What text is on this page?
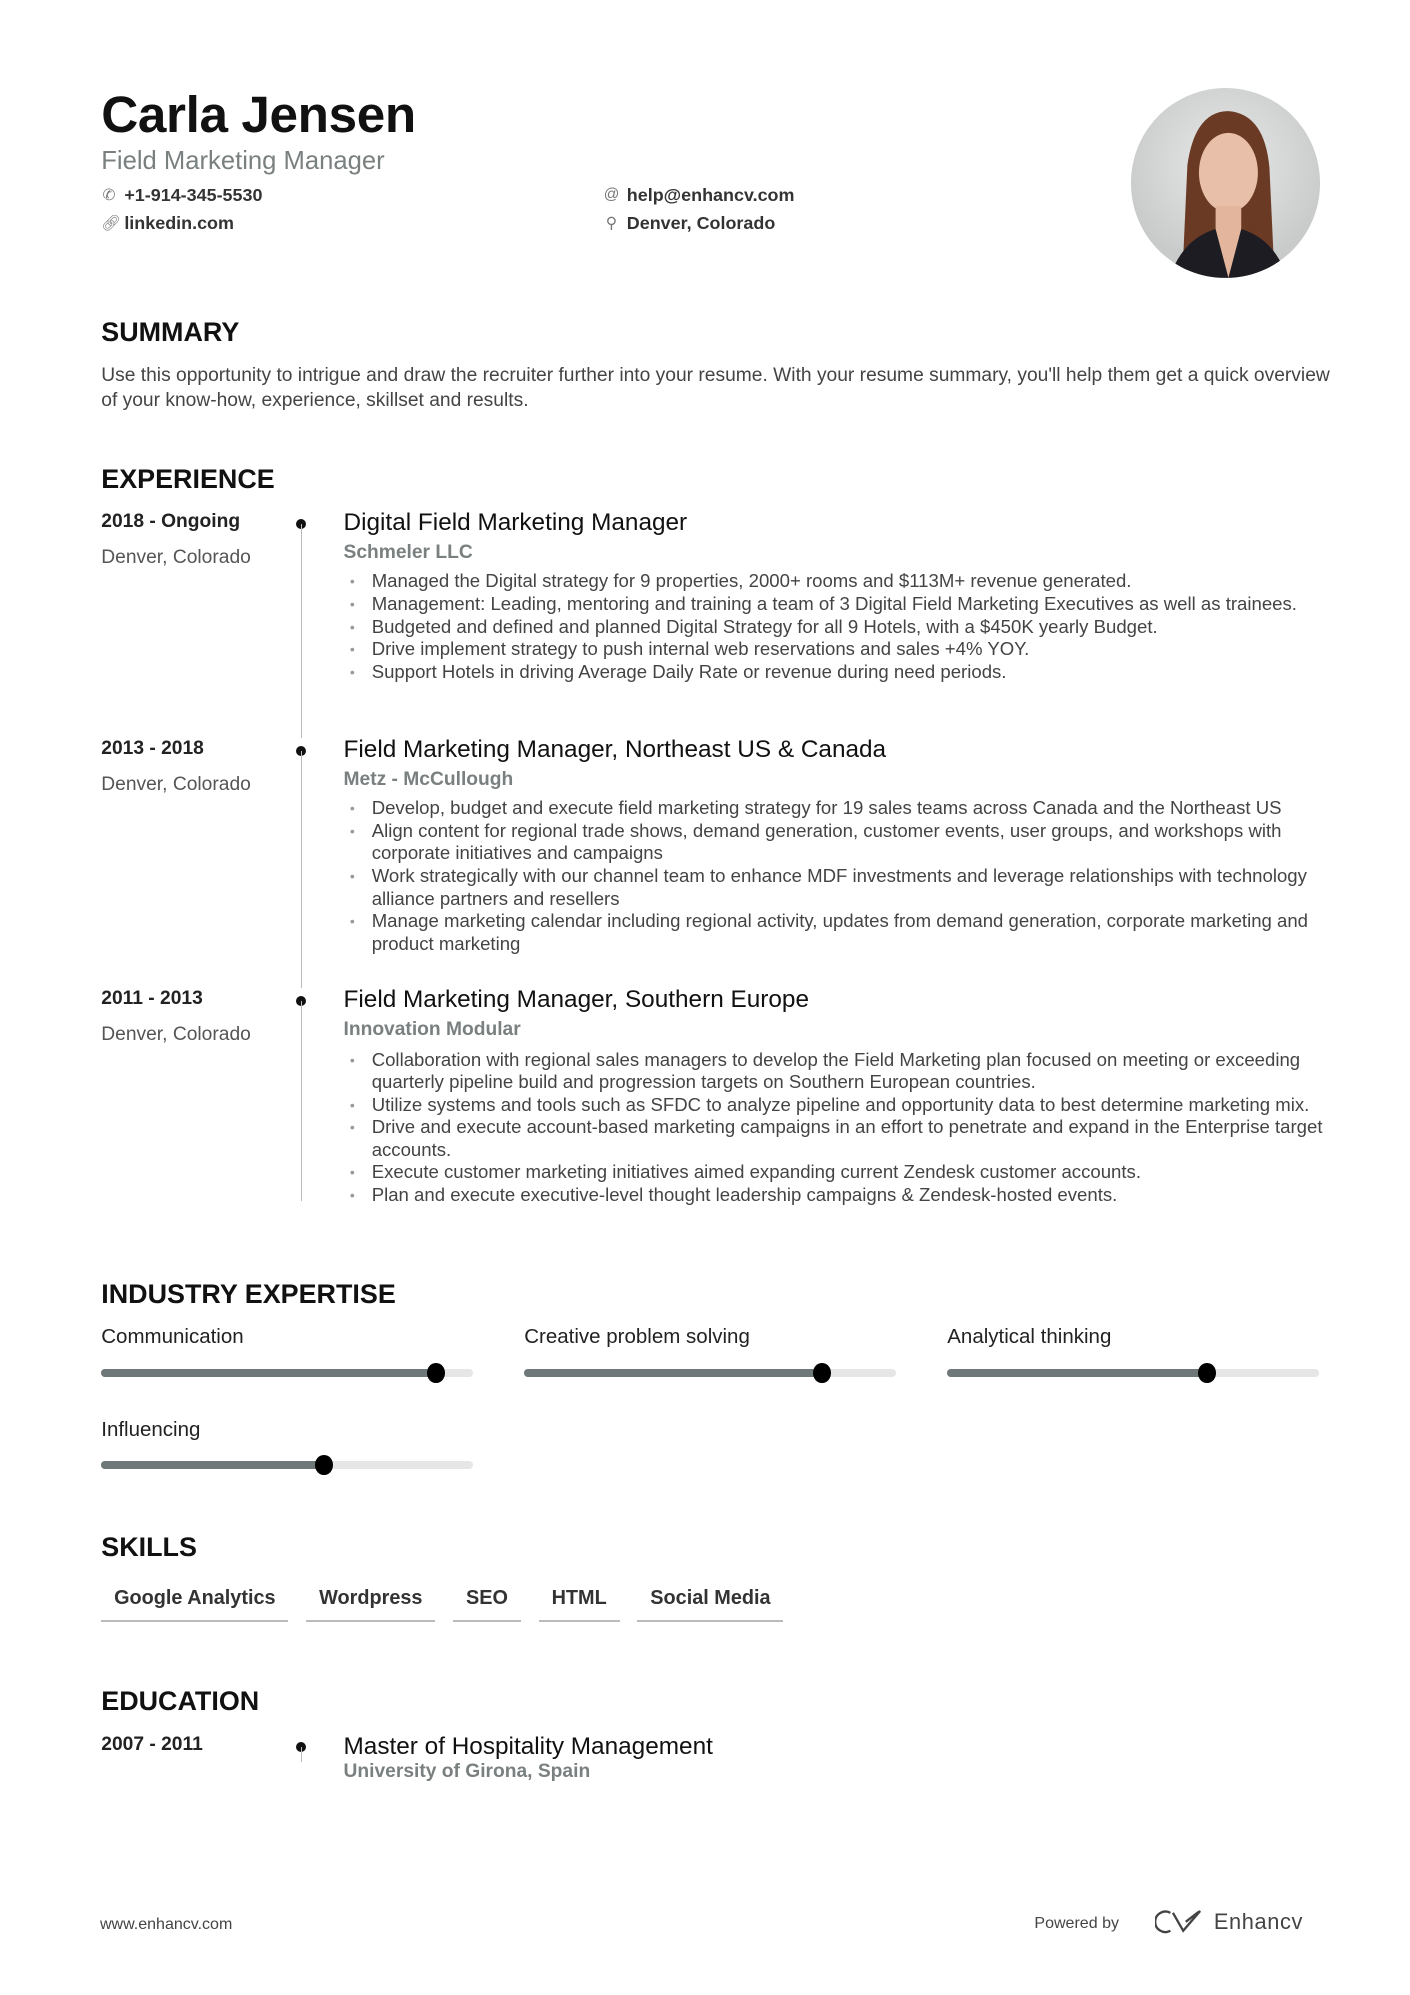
Carla Jensen
Field Marketing Manager
✆ +1-914-345-5530
🔗︎ linkedin.com
@ help@enhancv.com
⚲ Denver, Colorado
SUMMARY
Use this opportunity to intrigue and draw the recruiter further into your resume. With your resume summary, you'll help them get a quick overview of your know-how, experience, skillset and results.
EXPERIENCE
2018 - Ongoing
Denver, Colorado
Digital Field Marketing Manager
Schmeler LLC
• Managed the Digital strategy for 9 properties, 2000+ rooms and $113M+ revenue generated.
• Management: Leading, mentoring and training a team of 3 Digital Field Marketing Executives as well as trainees.
• Budgeted and defined and planned Digital Strategy for all 9 Hotels, with a $450K yearly Budget.
• Drive implement strategy to push internal web reservations and sales +4% YOY.
• Support Hotels in driving Average Daily Rate or revenue during need periods.
2013 - 2018
Denver, Colorado
Field Marketing Manager, Northeast US & Canada
Metz - McCullough
• Develop, budget and execute field marketing strategy for 19 sales teams across Canada and the Northeast US
• Align content for regional trade shows, demand generation, customer events, user groups, and workshops with corporate initiatives and campaigns
• Work strategically with our channel team to enhance MDF investments and leverage relationships with technology alliance partners and resellers
• Manage marketing calendar including regional activity, updates from demand generation, corporate marketing and product marketing
2011 - 2013
Denver, Colorado
Field Marketing Manager, Southern Europe
Innovation Modular
• Collaboration with regional sales managers to develop the Field Marketing plan focused on meeting or exceeding quarterly pipeline build and progression targets on Southern European countries.
• Utilize systems and tools such as SFDC to analyze pipeline and opportunity data to best determine marketing mix.
• Drive and execute account-based marketing campaigns in an effort to penetrate and expand in the Enterprise target accounts.
• Execute customer marketing initiatives aimed expanding current Zendesk customer accounts.
• Plan and execute executive-level thought leadership campaigns & Zendesk-hosted events.
INDUSTRY EXPERTISE
Communication	Creative problem solving	Analytical thinking
Influencing
SKILLS
Google Analytics	Wordpress	SEO	HTML	Social Media
EDUCATION
2007 - 2011	Master of Hospitality Management
University of Girona, Spain
www.enhancv.com	Powered by	Enhancv
